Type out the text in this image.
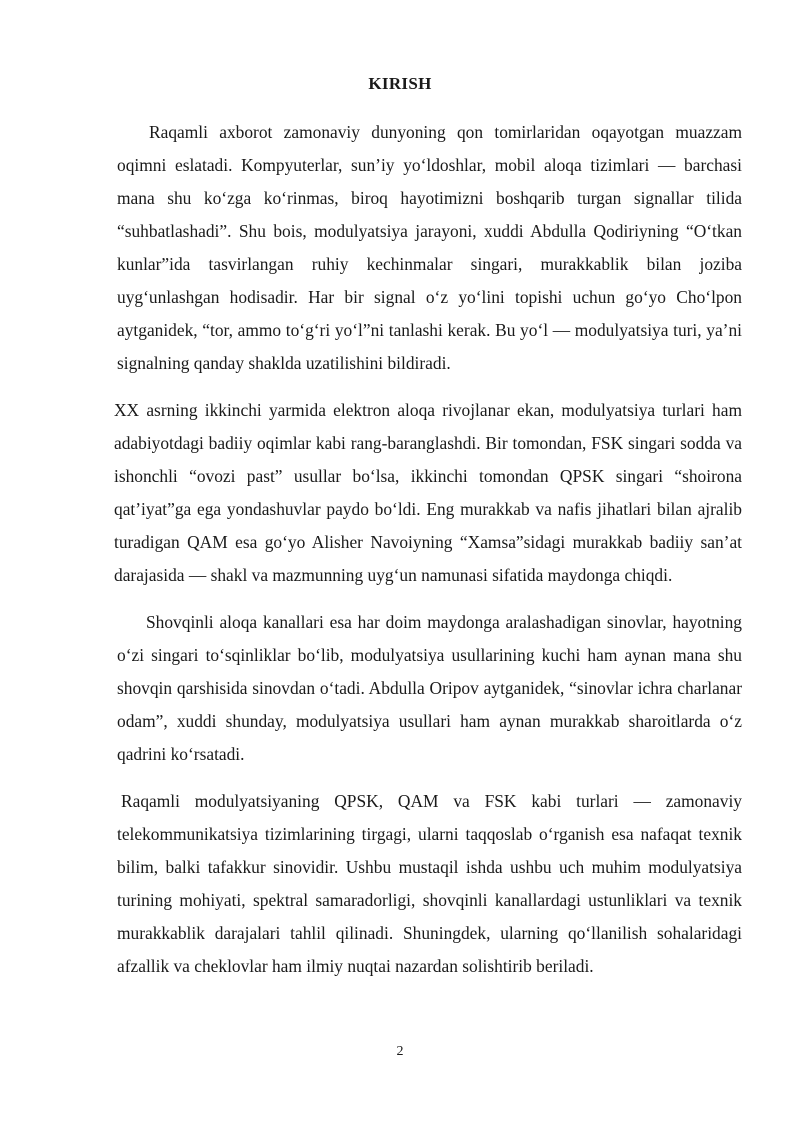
KIRISH

Raqamli axborot zamonaviy dunyoning qon tomirlaridan oqayotgan muazzam oqimni eslatadi. Kompyuterlar, sun’iy yo‘ldoshlar, mobil aloqa tizimlari — barchasi mana shu ko‘zga ko‘rinmas, biroq hayotimizni boshqarib turgan signallar tilida “suhbatlashadi”. Shu bois, modulyatsiya jarayoni, xuddi Abdulla Qodiriyning “O‘tkan kunlar”ida tasvirlangan ruhiy kechinmalar singari, murakkablik bilan joziba uyg‘unlashgan hodisadir. Har bir signal o‘z yo‘lini topishi uchun go‘yo Cho‘lpon aytganidek, “tor, ammo to‘g‘ri yo‘l”ni tanlashi kerak. Bu yo‘l — modulyatsiya turi, ya’ni signalning qanday shaklda uzatilishini bildiradi.

XX asrning ikkinchi yarmida elektron aloqa rivojlanar ekan, modulyatsiya turlari ham adabiyotdagi badiiy oqimlar kabi rang-baranglashdi. Bir tomondan, FSK singari sodda va ishonchli “ovozi past” usullar bo‘lsa, ikkinchi tomondan QPSK singari “shoirona qat’iyat”ga ega yondashuvlar paydo bo‘ldi. Eng murakkab va nafis jihatlari bilan ajralib turadigan QAM esa go‘yo Alisher Navoiyning “Xamsa”sidagi murakkab badiiy san’at darajasida — shakl va mazmunning uyg‘un namunasi sifatida maydonga chiqdi.

Shovqinli aloqa kanallari esa har doim maydonga aralashadigan sinovlar, hayotning o‘zi singari to‘sqinliklar bo‘lib, modulyatsiya usullarining kuchi ham aynan mana shu shovqin qarshisida sinovdan o‘tadi. Abdulla Oripov aytganidek, “sinovlar ichra charlanar odam”, xuddi shunday, modulyatsiya usullari ham aynan murakkab sharoitlarda o‘z qadrini ko‘rsatadi.

Raqamli modulyatsiyaning QPSK, QAM va FSK kabi turlari — zamonaviy telekommunikatsiya tizimlarining tirgagi, ularni taqqoslab o‘rganish esa nafaqat texnik bilim, balki tafakkur sinovidir. Ushbu mustaqil ishda ushbu uch muhim modulyatsiya turining mohiyati, spektral samaradorligi, shovqinli kanallardagi ustunliklari va texnik murakkablik darajalari tahlil qilinadi. Shuningdek, ularning qo‘llanilish sohalaridagi afzallik va cheklovlar ham ilmiy nuqtai nazardan solishtirib beriladi.

2
